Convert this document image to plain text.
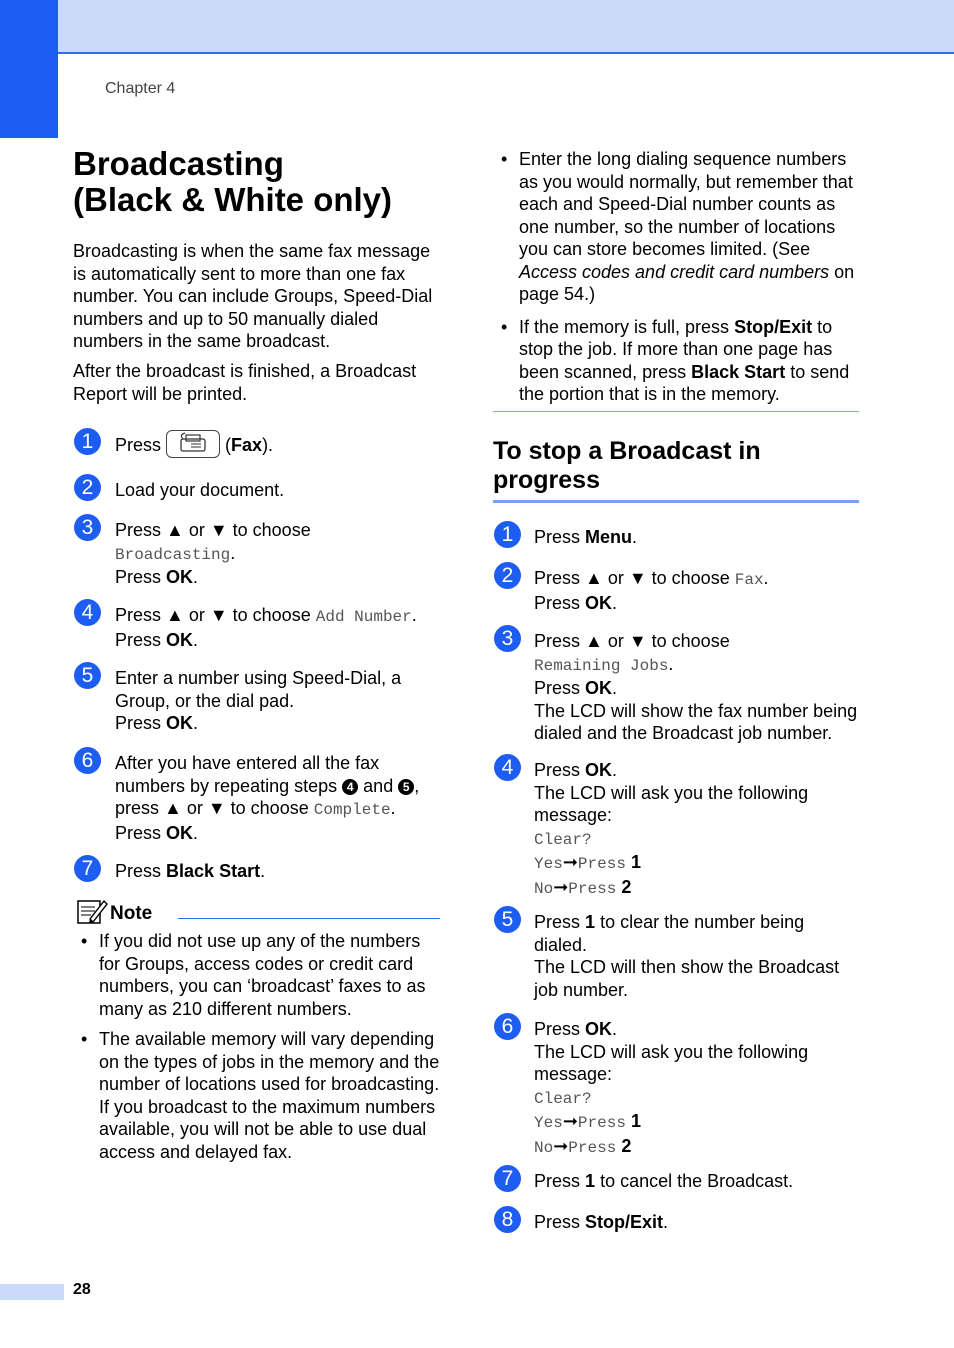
Chapter 4
Broadcasting
(Black & White only)

Broadcasting is when the same fax message is automatically sent to more than one fax number. You can include Groups, Speed-Dial numbers and up to 50 manually dialed numbers in the same broadcast.

After the broadcast is finished, a Broadcast Report will be printed.

1	Press	(Fax).
2	Load your document.
3	Press ▲ or ▼ to choose
Broadcasting.
Press OK.
4	Press ▲ or ▼ to choose Add Number.
Press OK.
5	Enter a number using Speed-Dial, a Group, or the dial pad.
Press OK.
6	After you have entered all the fax numbers by repeating steps 4 and 5 , press ▲ or ▼ to choose Complete.
Press OK.
7	Press Black Start.
Note
• If you did not use up any of the numbers for Groups, access codes or credit card numbers, you can ‘broadcast’ faxes to as many as 210 different numbers.
• The available memory will vary depending on the types of jobs in the memory and the number of locations used for broadcasting. If you broadcast to the maximum numbers available, you will not be able to use dual access and delayed fax.
• Enter the long dialing sequence numbers as you would normally, but remember that each and Speed-Dial number counts as one number, so the number of locations you can store becomes limited. (See Access codes and credit card numbers on page 54.)
• If the memory is full, press Stop/Exit to stop the job. If more than one page has been scanned, press Black Start to send the portion that is in the memory.
To stop a Broadcast in progress
1	Press Menu.
2	Press ▲ or ▼ to choose Fax.
Press OK.
3	Press ▲ or ▼ to choose
Remaining Jobs.
Press OK.
The LCD will show the fax number being dialed and the Broadcast job number.
4	Press OK.
The LCD will ask you the following message:
Clear?
Yes➞Press 1
No➞Press 2
5	Press 1 to clear the number being dialed.
The LCD will then show the Broadcast job number.
6	Press OK.
The LCD will ask you the following message:
Clear?
Yes➞Press 1
No➞Press 2
7	Press 1 to cancel the Broadcast.
8	Press Stop/Exit.
28
